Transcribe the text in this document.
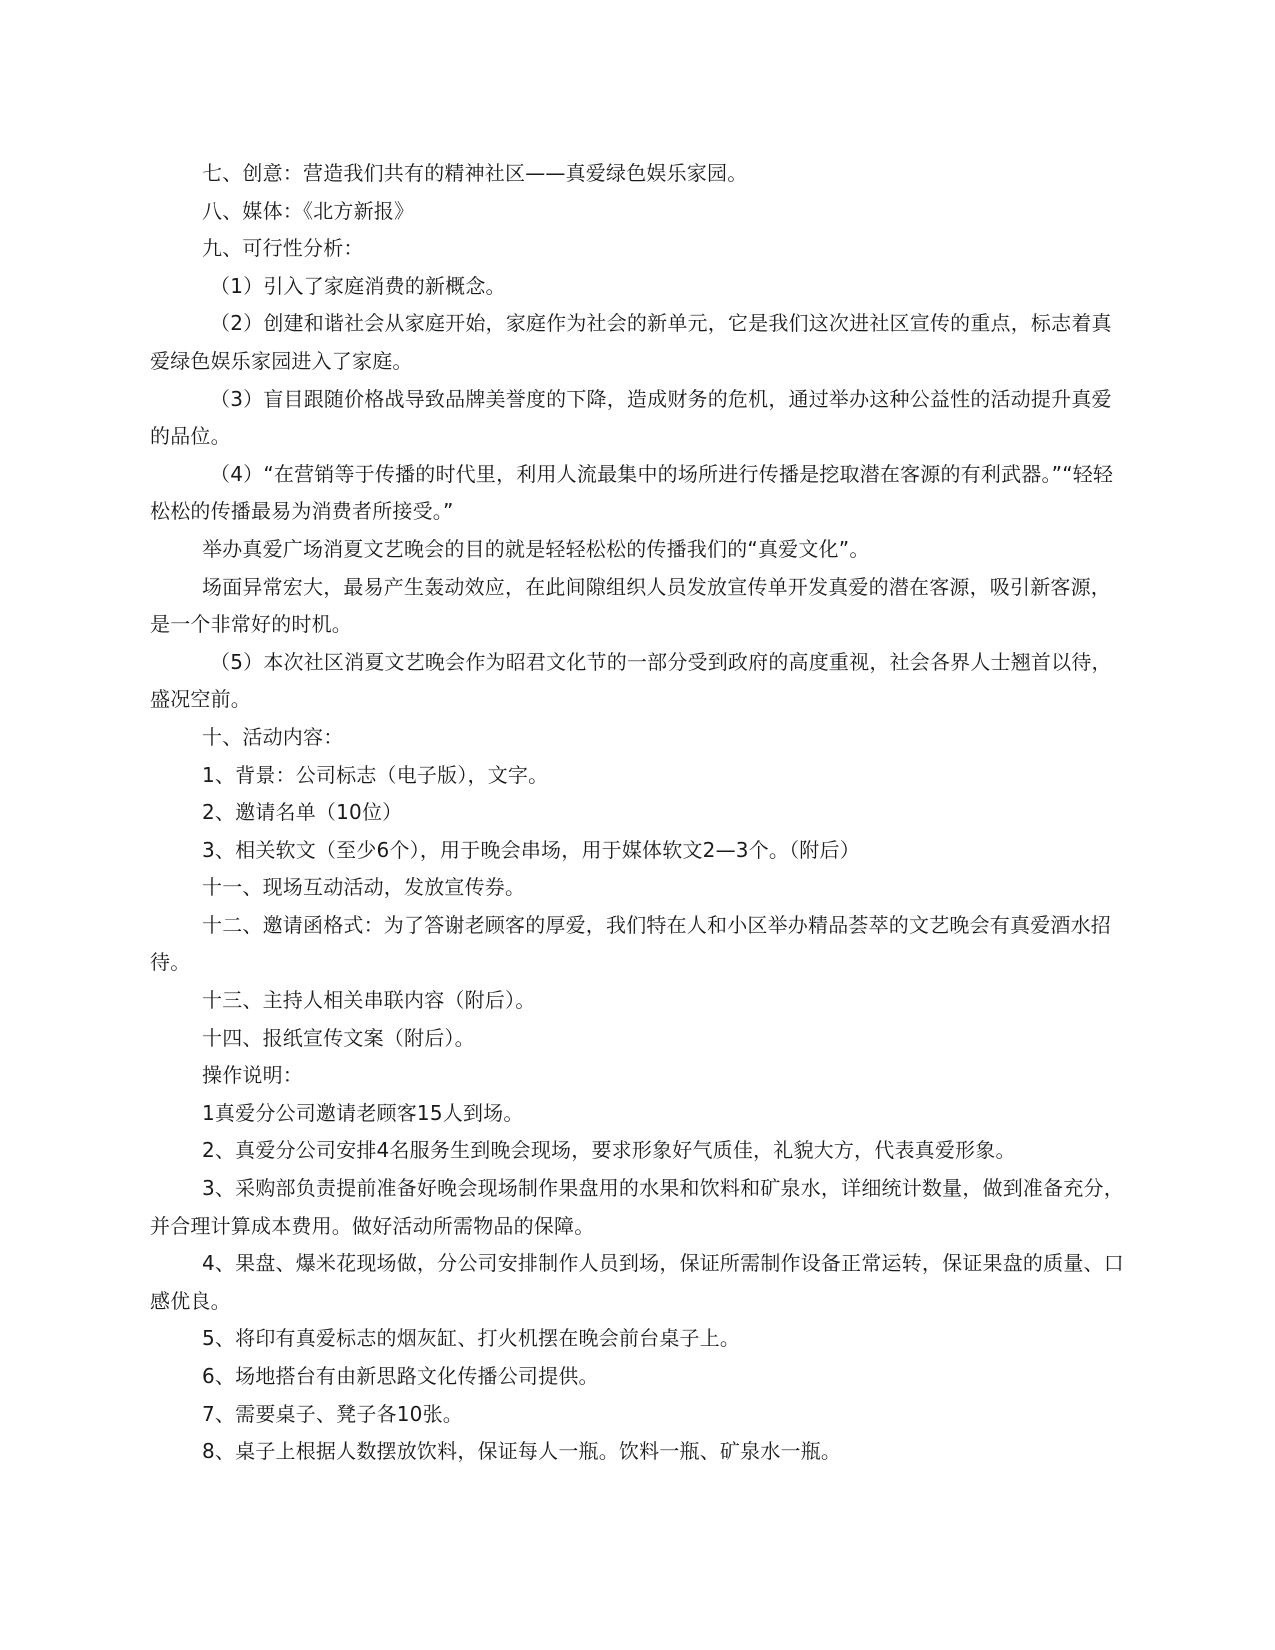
七、创意：营造我们共有的精神社区——真爱绿色娱乐家园。

八、媒体：《北方新报》

九、可行性分析：

（1）引入了家庭消费的新概念。

（2）创建和谐社会从家庭开始，家庭作为社会的新单元，它是我们这次进社区宣传的重点，标志着真爱绿色娱乐家园进入了家庭。

（3）盲目跟随价格战导致品牌美誉度的下降，造成财务的危机，通过举办这种公益性的活动提升真爱的品位。

（4）“在营销等于传播的时代里，利用人流最集中的场所进行传播是挖取潜在客源的有利武器。”“轻轻松松的传播最易为消费者所接受。”

举办真爱广场消夏文艺晚会的目的就是轻轻松松的传播我们的“真爱文化”。

场面异常宏大，最易产生轰动效应，在此间隙组织人员发放宣传单开发真爱的潜在客源，吸引新客源，是一个非常好的时机。

（5）本次社区消夏文艺晚会作为昭君文化节的一部分受到政府的高度重视，社会各界人士翘首以待，盛况空前。

十、活动内容：

1、背景：公司标志（电子版），文字。

2、邀请名单（10位）

3、相关软文（至少6个），用于晚会串场，用于媒体软文2—3个。（附后）

十一、现场互动活动，发放宣传券。

十二、邀请函格式：为了答谢老顾客的厚爱，我们特在人和小区举办精品荟萃的文艺晚会有真爱酒水招待。

十三、主持人相关串联内容（附后）。

十四、报纸宣传文案（附后）。

操作说明：

1真爱分公司邀请老顾客15人到场。

2、真爱分公司安排4名服务生到晚会现场，要求形象好气质佳，礼貌大方，代表真爱形象。

3、采购部负责提前准备好晚会现场制作果盘用的水果和饮料和矿泉水，详细统计数量，做到准备充分，并合理计算成本费用。做好活动所需物品的保障。

4、果盘、爆米花现场做，分公司安排制作人员到场，保证所需制作设备正常运转，保证果盘的质量、口感优良。

5、将印有真爱标志的烟灰缸、打火机摆在晚会前台桌子上。

6、场地搭台有由新思路文化传播公司提供。

7、需要桌子、凳子各10张。

8、桌子上根据人数摆放饮料，保证每人一瓶。饮料一瓶、矿泉水一瓶。
